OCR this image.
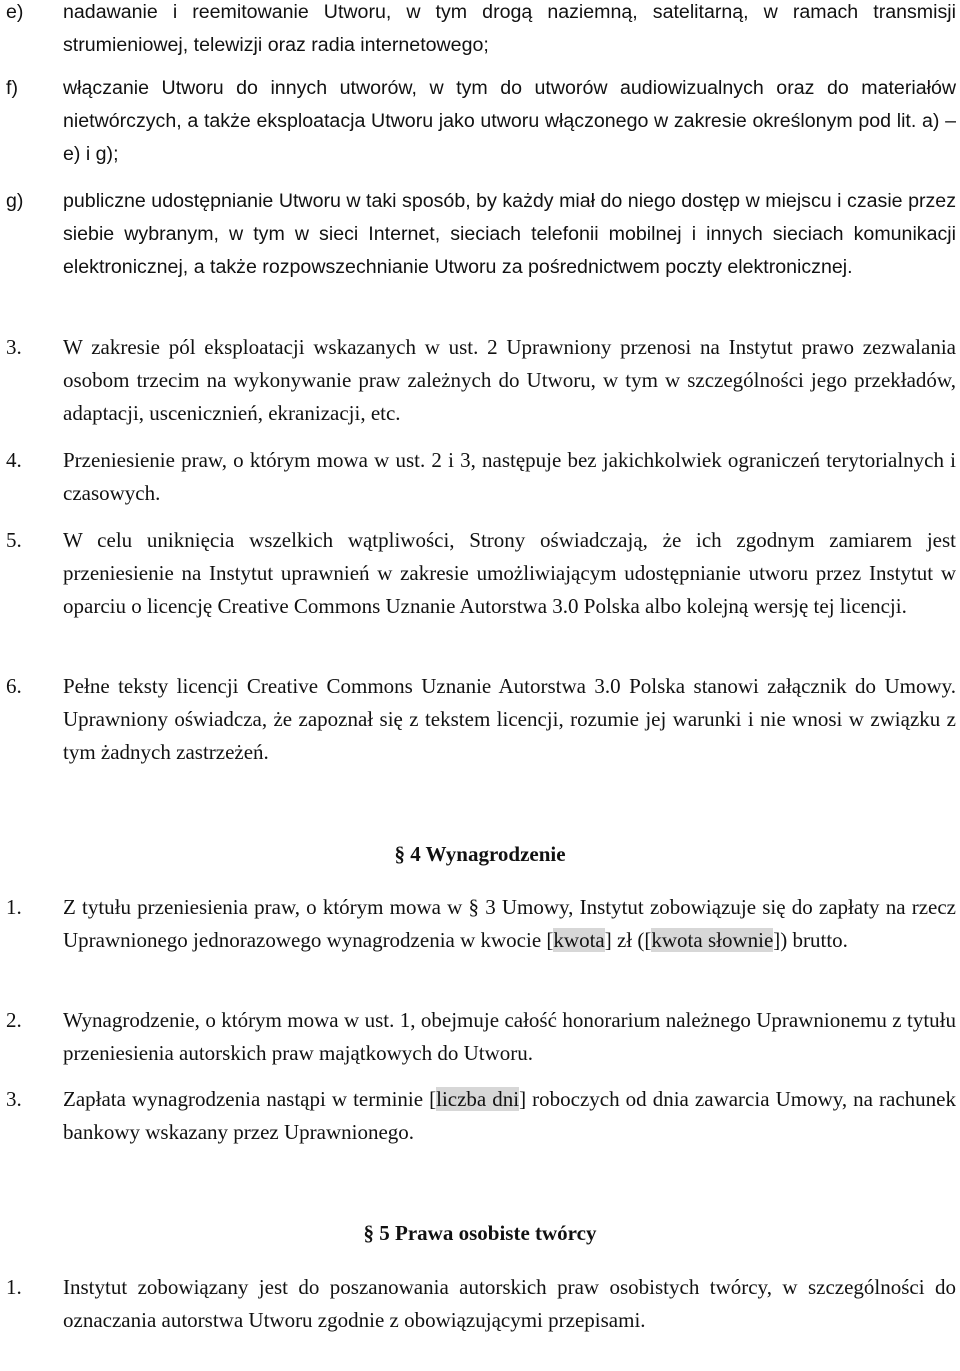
e) nadawanie i reemitowanie Utworu, w tym drogą naziemną, satelitarną, w ramach transmisji strumieniowej, telewizji oraz radia internetowego;
f) włączanie Utworu do innych utworów, w tym do utworów audiowizualnych oraz do materiałów nietwórczych, a także eksploatacja Utworu jako utworu włączonego w zakresie określonym pod lit. a) – e) i g);
g) publiczne udostępnianie Utworu w taki sposób, by każdy miał do niego dostęp w miejscu i czasie przez siebie wybranym, w tym w sieci Internet, sieciach telefonii mobilnej i innych sieciach komunikacji elektronicznej, a także rozpowszechnianie Utworu za pośrednictwem poczty elektronicznej.
3. W zakresie pól eksploatacji wskazanych w ust. 2 Uprawniony przenosi na Instytut prawo zezwalania osobom trzecim na wykonywanie praw zależnych do Utworu, w tym w szczególności jego przekładów, adaptacji, uscenicznień, ekranizacji, etc.
4. Przeniesienie praw, o którym mowa w ust. 2 i 3, następuje bez jakichkolwiek ograniczeń terytorialnych i czasowych.
5. W celu uniknięcia wszelkich wątpliwości, Strony oświadczają, że ich zgodnym zamiarem jest przeniesienie na Instytut uprawnień w zakresie umożliwiającym udostępnianie utworu przez Instytut w oparciu o licencję Creative Commons Uznanie Autorstwa 3.0 Polska albo kolejną wersję tej licencji.
6. Pełne teksty licencji Creative Commons Uznanie Autorstwa 3.0 Polska stanowi załącznik do Umowy. Uprawniony oświadcza, że zapoznał się z tekstem licencji, rozumie jej warunki i nie wnosi w związku z tym żadnych zastrzeżeń.
§ 4 Wynagrodzenie
1. Z tytułu przeniesienia praw, o którym mowa w § 3 Umowy, Instytut zobowiązuje się do zapłaty na rzecz Uprawnionego jednorazowego wynagrodzenia w kwocie [kwota] zł ([kwota słownie]) brutto.
2. Wynagrodzenie, o którym mowa w ust. 1, obejmuje całość honorarium należnego Uprawnionemu z tytułu przeniesienia autorskich praw majątkowych do Utworu.
3. Zapłata wynagrodzenia nastąpi w terminie [liczba dni] roboczych od dnia zawarcia Umowy, na rachunek bankowy wskazany przez Uprawnionego.
§ 5 Prawa osobiste twórcy
1. Instytut zobowiązany jest do poszanowania autorskich praw osobistych twórcy, w szczególności do oznaczania autorstwa Utworu zgodnie z obowiązującymi przepisami.
